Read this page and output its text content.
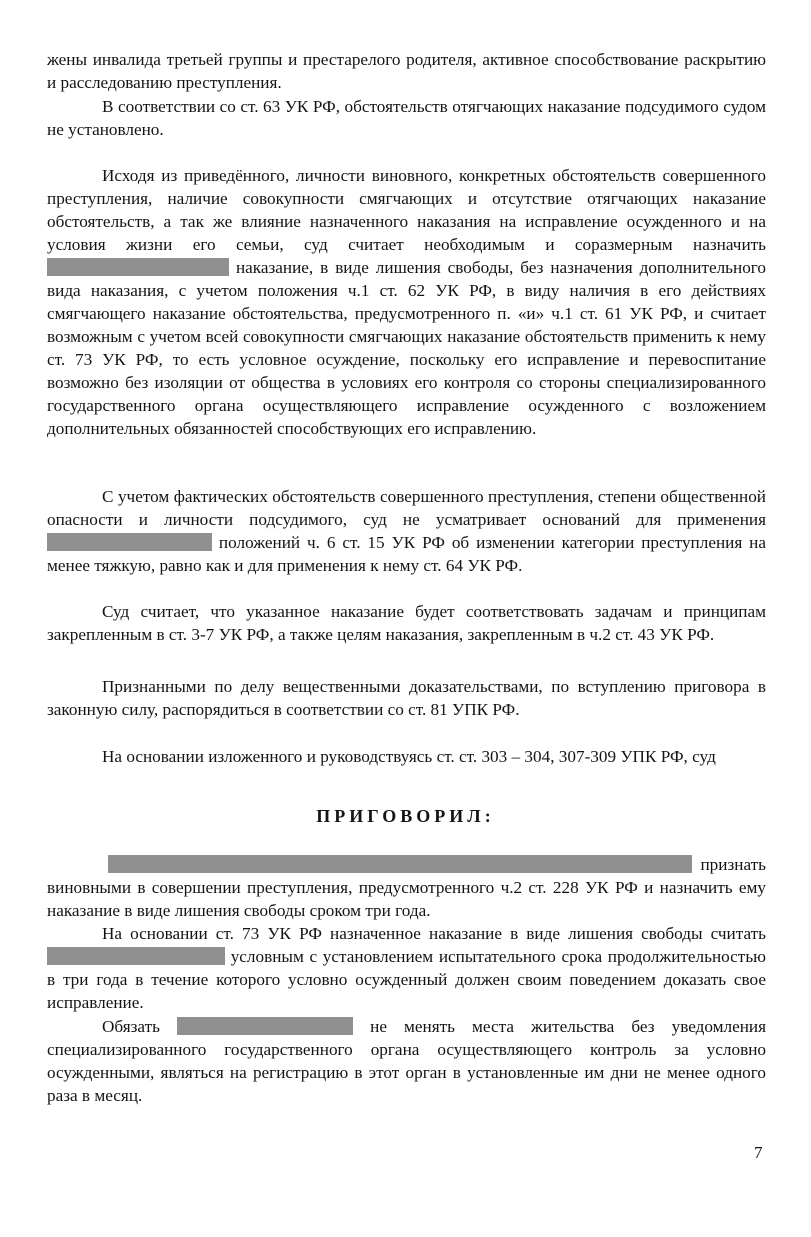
жены инвалида третьей группы и престарелого родителя, активное способствование раскрытию и расследованию преступления.

В соответствии со ст. 63 УК РФ, обстоятельств отягчающих наказание подсудимого судом не установлено.

Исходя из приведённого, личности виновного, конкретных обстоятельств совершенного преступления, наличие совокупности смягчающих и отсутствие отягчающих наказание обстоятельств, а так же влияние назначенного наказания на исправление осужденного и на условия жизни его семьи, суд считает необходимым и соразмерным назначить  наказание, в виде лишения свободы, без назначения дополнительного вида наказания, с учетом положения ч.1 ст. 62 УК РФ, в виду наличия в его действиях смягчающего наказание обстоятельства, предусмотренного п. «и» ч.1 ст. 61 УК РФ, и считает возможным с учетом всей совокупности смягчающих наказание обстоятельств применить к нему ст. 73 УК РФ, то есть условное осуждение, поскольку его исправление и перевоспитание возможно без изоляции от общества в условиях его контроля со стороны специализированного государственного органа осуществляющего исправление осужденного с возложением дополнительных обязанностей способствующих его исправлению.

С учетом фактических обстоятельств совершенного преступления, степени общественной опасности и личности подсудимого, суд не усматривает оснований для применения  положений ч. 6 ст. 15 УК РФ об изменении категории преступления на менее тяжкую, равно как и для применения к нему ст. 64 УК РФ.

Суд считает, что указанное наказание будет соответствовать задачам и принципам закрепленным в ст. 3-7 УК РФ, а также целям наказания, закрепленным в ч.2 ст. 43 УК РФ.

Признанными по делу вещественными доказательствами, по вступлению приговора в законную силу, распорядиться в соответствии со ст. 81 УПК РФ.

На основании изложенного и руководствуясь ст. ст. 303 – 304, 307-309 УПК РФ, суд

ПРИГОВОРИЛ:

признать
виновными в совершении преступления, предусмотренного ч.2 ст. 228 УК РФ и назначить ему наказание в виде лишения свободы сроком три года.

На основании ст. 73 УК РФ назначенное наказание в виде лишения свободы считать  условным с установлением испытательного срока продолжительностью в три года в течение которого условно осужденный должен своим поведением доказать свое исправление.

Обязать	не менять места жительства без уведомления специализированного государственного органа осуществляющего контроль за условно осужденными, являться на регистрацию в этот орган в установленные им дни не менее одного раза в месяц.

7
